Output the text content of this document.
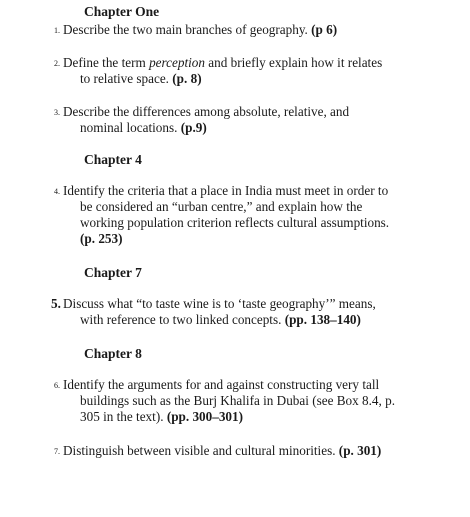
Chapter One
1. Describe the two main branches of geography. (p 6)
2. Define the term perception and briefly explain how it relates
to relative space. (p. 8)
3. Describe the differences among absolute, relative, and
nominal locations. (p.9)
Chapter 4
4. Identify the criteria that a place in India must meet in order to
be considered an “urban centre,” and explain how the
working population criterion reflects cultural assumptions.
(p. 253)
Chapter 7
5. Discuss what “to taste wine is to ‘taste geography’” means,
with reference to two linked concepts. (pp. 138–140)
Chapter 8
6. Identify the arguments for and against constructing very tall
buildings such as the Burj Khalifa in Dubai (see Box 8.4, p.
305 in the text). (pp. 300–301)
7. Distinguish between visible and cultural minorities. (p. 301)
